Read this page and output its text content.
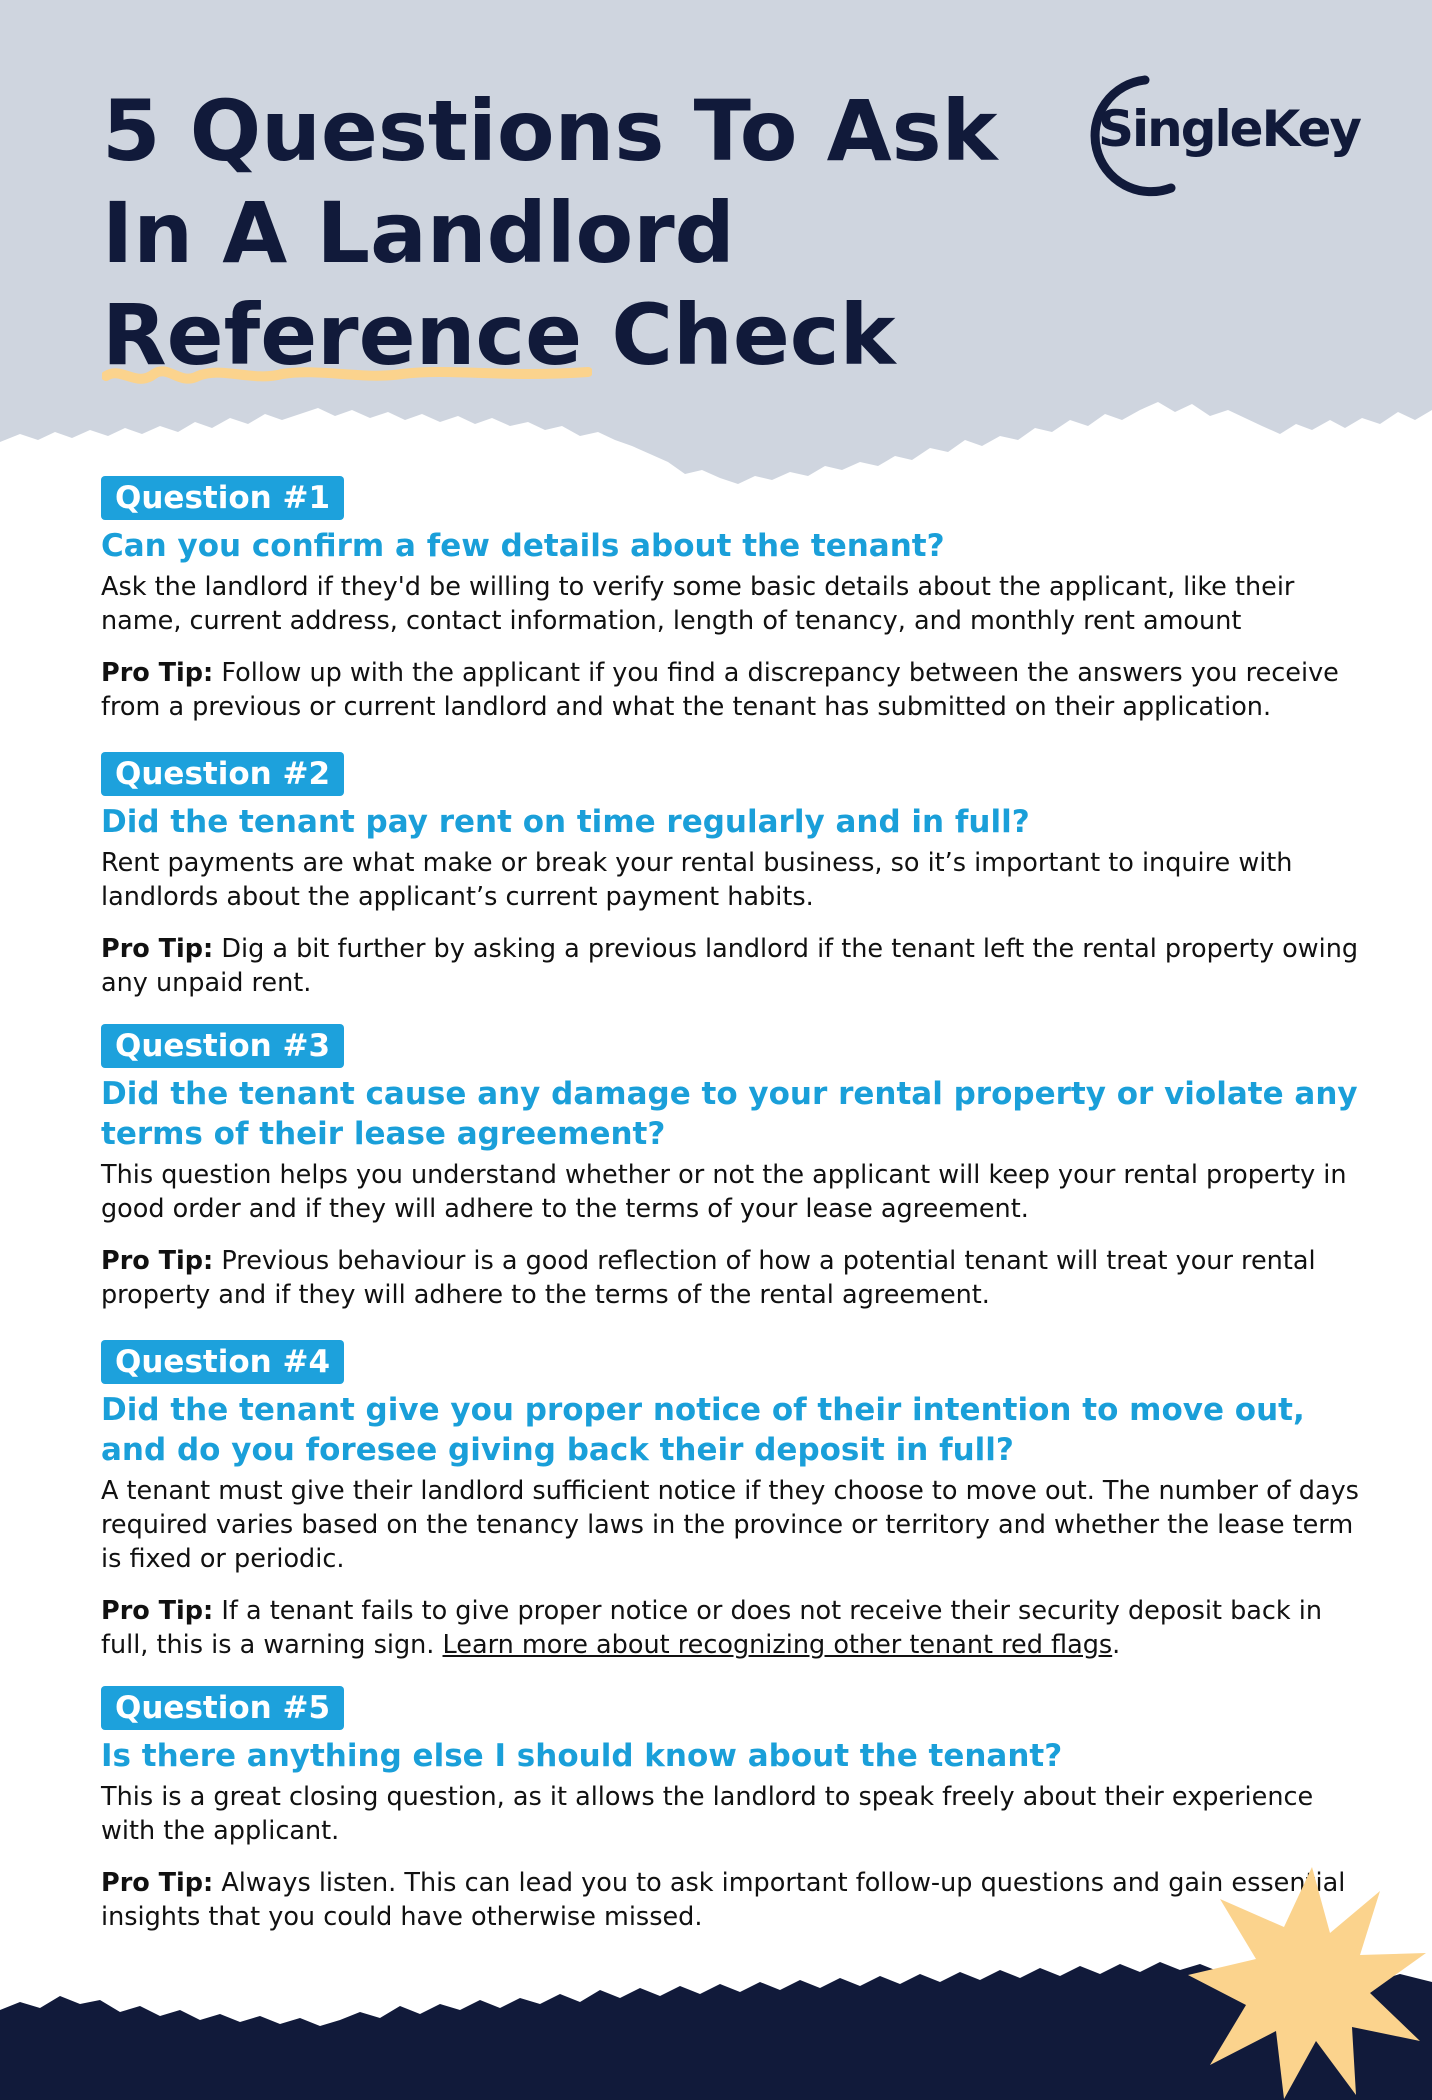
5 Questions To Ask
In A Landlord
Reference Check
SingleKey
Question #1
Can you confirm a few details about the tenant?

Ask the landlord if they'd be willing to verify some basic details about the applicant, like their name, current address, contact information, length of tenancy, and monthly rent amount

Pro Tip: Follow up with the applicant if you find a discrepancy between the answers you receive from a previous or current landlord and what the tenant has submitted on their application.

Question #2
Did the tenant pay rent on time regularly and in full?

Rent payments are what make or break your rental business, so it’s important to inquire with landlords about the applicant’s current payment habits.

Pro Tip: Dig a bit further by asking a previous landlord if the tenant left the rental property owing any unpaid rent.

Question #3
Did the tenant cause any damage to your rental property or violate any terms of their lease agreement?

This question helps you understand whether or not the applicant will keep your rental property in good order and if they will adhere to the terms of your lease agreement.

Pro Tip: Previous behaviour is a good reflection of how a potential tenant will treat your rental property and if they will adhere to the terms of the rental agreement.

Question #4
Did the tenant give you proper notice of their intention to move out, and do you foresee giving back their deposit in full?

A tenant must give their landlord sufficient notice if they choose to move out. The number of days required varies based on the tenancy laws in the province or territory and whether the lease term is fixed or periodic.

Pro Tip: If a tenant fails to give proper notice or does not receive their security deposit back in full, this is a warning sign. Learn more about recognizing other tenant red flags.

Question #5
Is there anything else I should know about the tenant?

This is a great closing question, as it allows the landlord to speak freely about their experience with the applicant.

Pro Tip: Always listen. This can lead you to ask important follow-up questions and gain essential insights that you could have otherwise missed.
